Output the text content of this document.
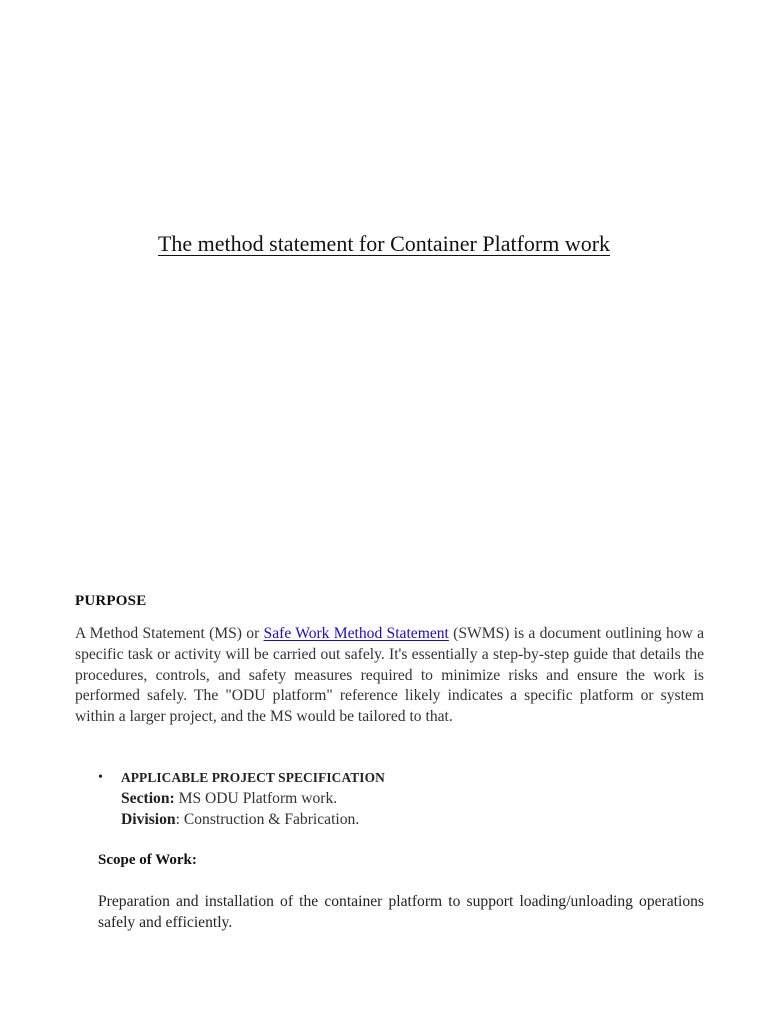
The method statement for Container Platform work
PURPOSE

A Method Statement (MS) or Safe Work Method Statement (SWMS) is a document outlining how a specific task or activity will be carried out safely. It's essentially a step-by-step guide that details the procedures, controls, and safety measures required to minimize risks and ensure the work is performed safely. The "ODU platform" reference likely indicates a specific platform or system within a larger project, and the MS would be tailored to that.

• APPLICABLE PROJECT SPECIFICATION
Section: MS ODU Platform work.
Division: Construction & Fabrication.
Scope of Work:

Preparation and installation of the container platform to support loading/unloading operations safely and efficiently.
